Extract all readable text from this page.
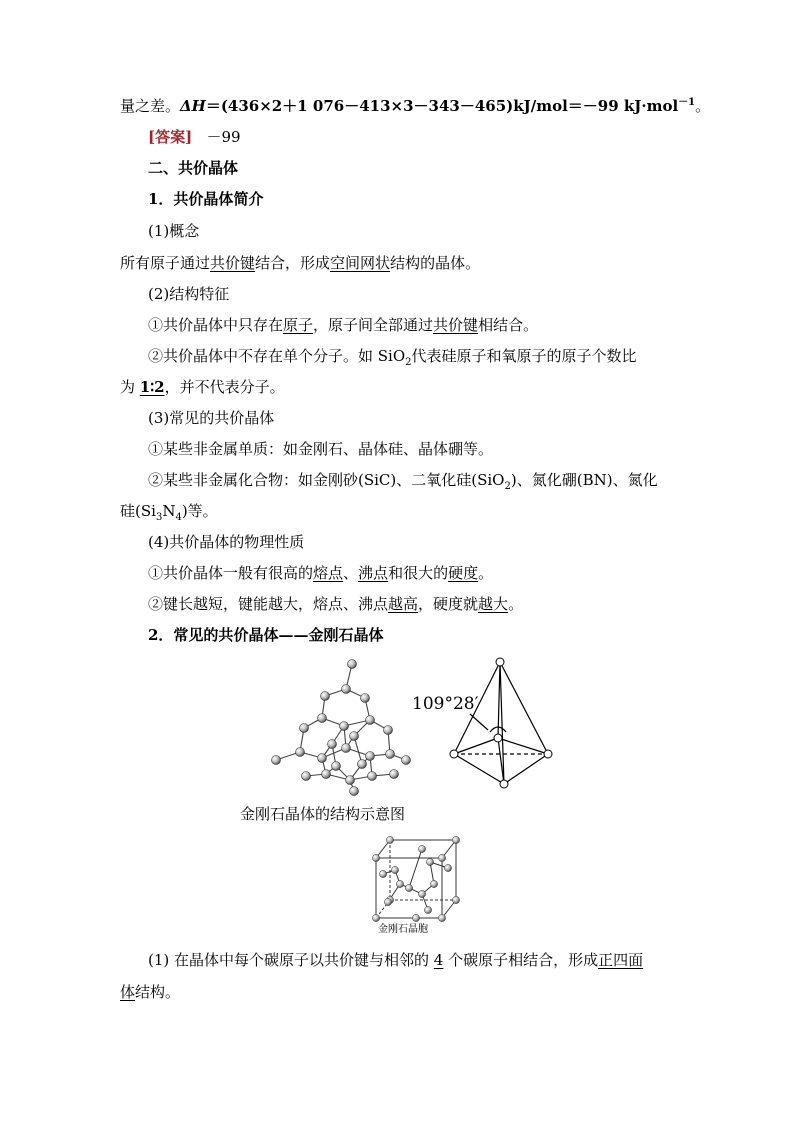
量之差。ΔH＝(436×2＋1 076－413×3－343－465)kJ/mol＝－99 kJ·mol$^{-1}$。
[答案] －99
二、共价晶体
1．共价晶体简介
(1)概念
所有原子通过共价键结合，形成空间网状结构的晶体。
(2)结构特征
①共价晶体中只存在原子，原子间全部通过共价键相结合。
②共价晶体中不存在单个分子。如 SiO$_2$代表硅原子和氧原子的原子个数比
为 1∶2，并不代表分子。
(3)常见的共价晶体
①某些非金属单质：如金刚石、晶体硅、晶体硼等。
②某些非金属化合物：如金刚砂(SiC)、二氧化硅(SiO$_2$)、氮化硼(BN)、氮化
硅$(Si_3N_4)$等。
(4)共价晶体的物理性质
①共价晶体一般有很高的熔点、沸点和很大的硬度。
②键长越短，键能越大，熔点、沸点越高，硬度就越大。
2．常见的共价晶体——金刚石晶体
109°28′
金刚石晶体的结构示意图
金刚石晶胞
(1) 在晶体中每个碳原子以共价键与相邻的 4 个碳原子相结合，形成正四面
体结构。
